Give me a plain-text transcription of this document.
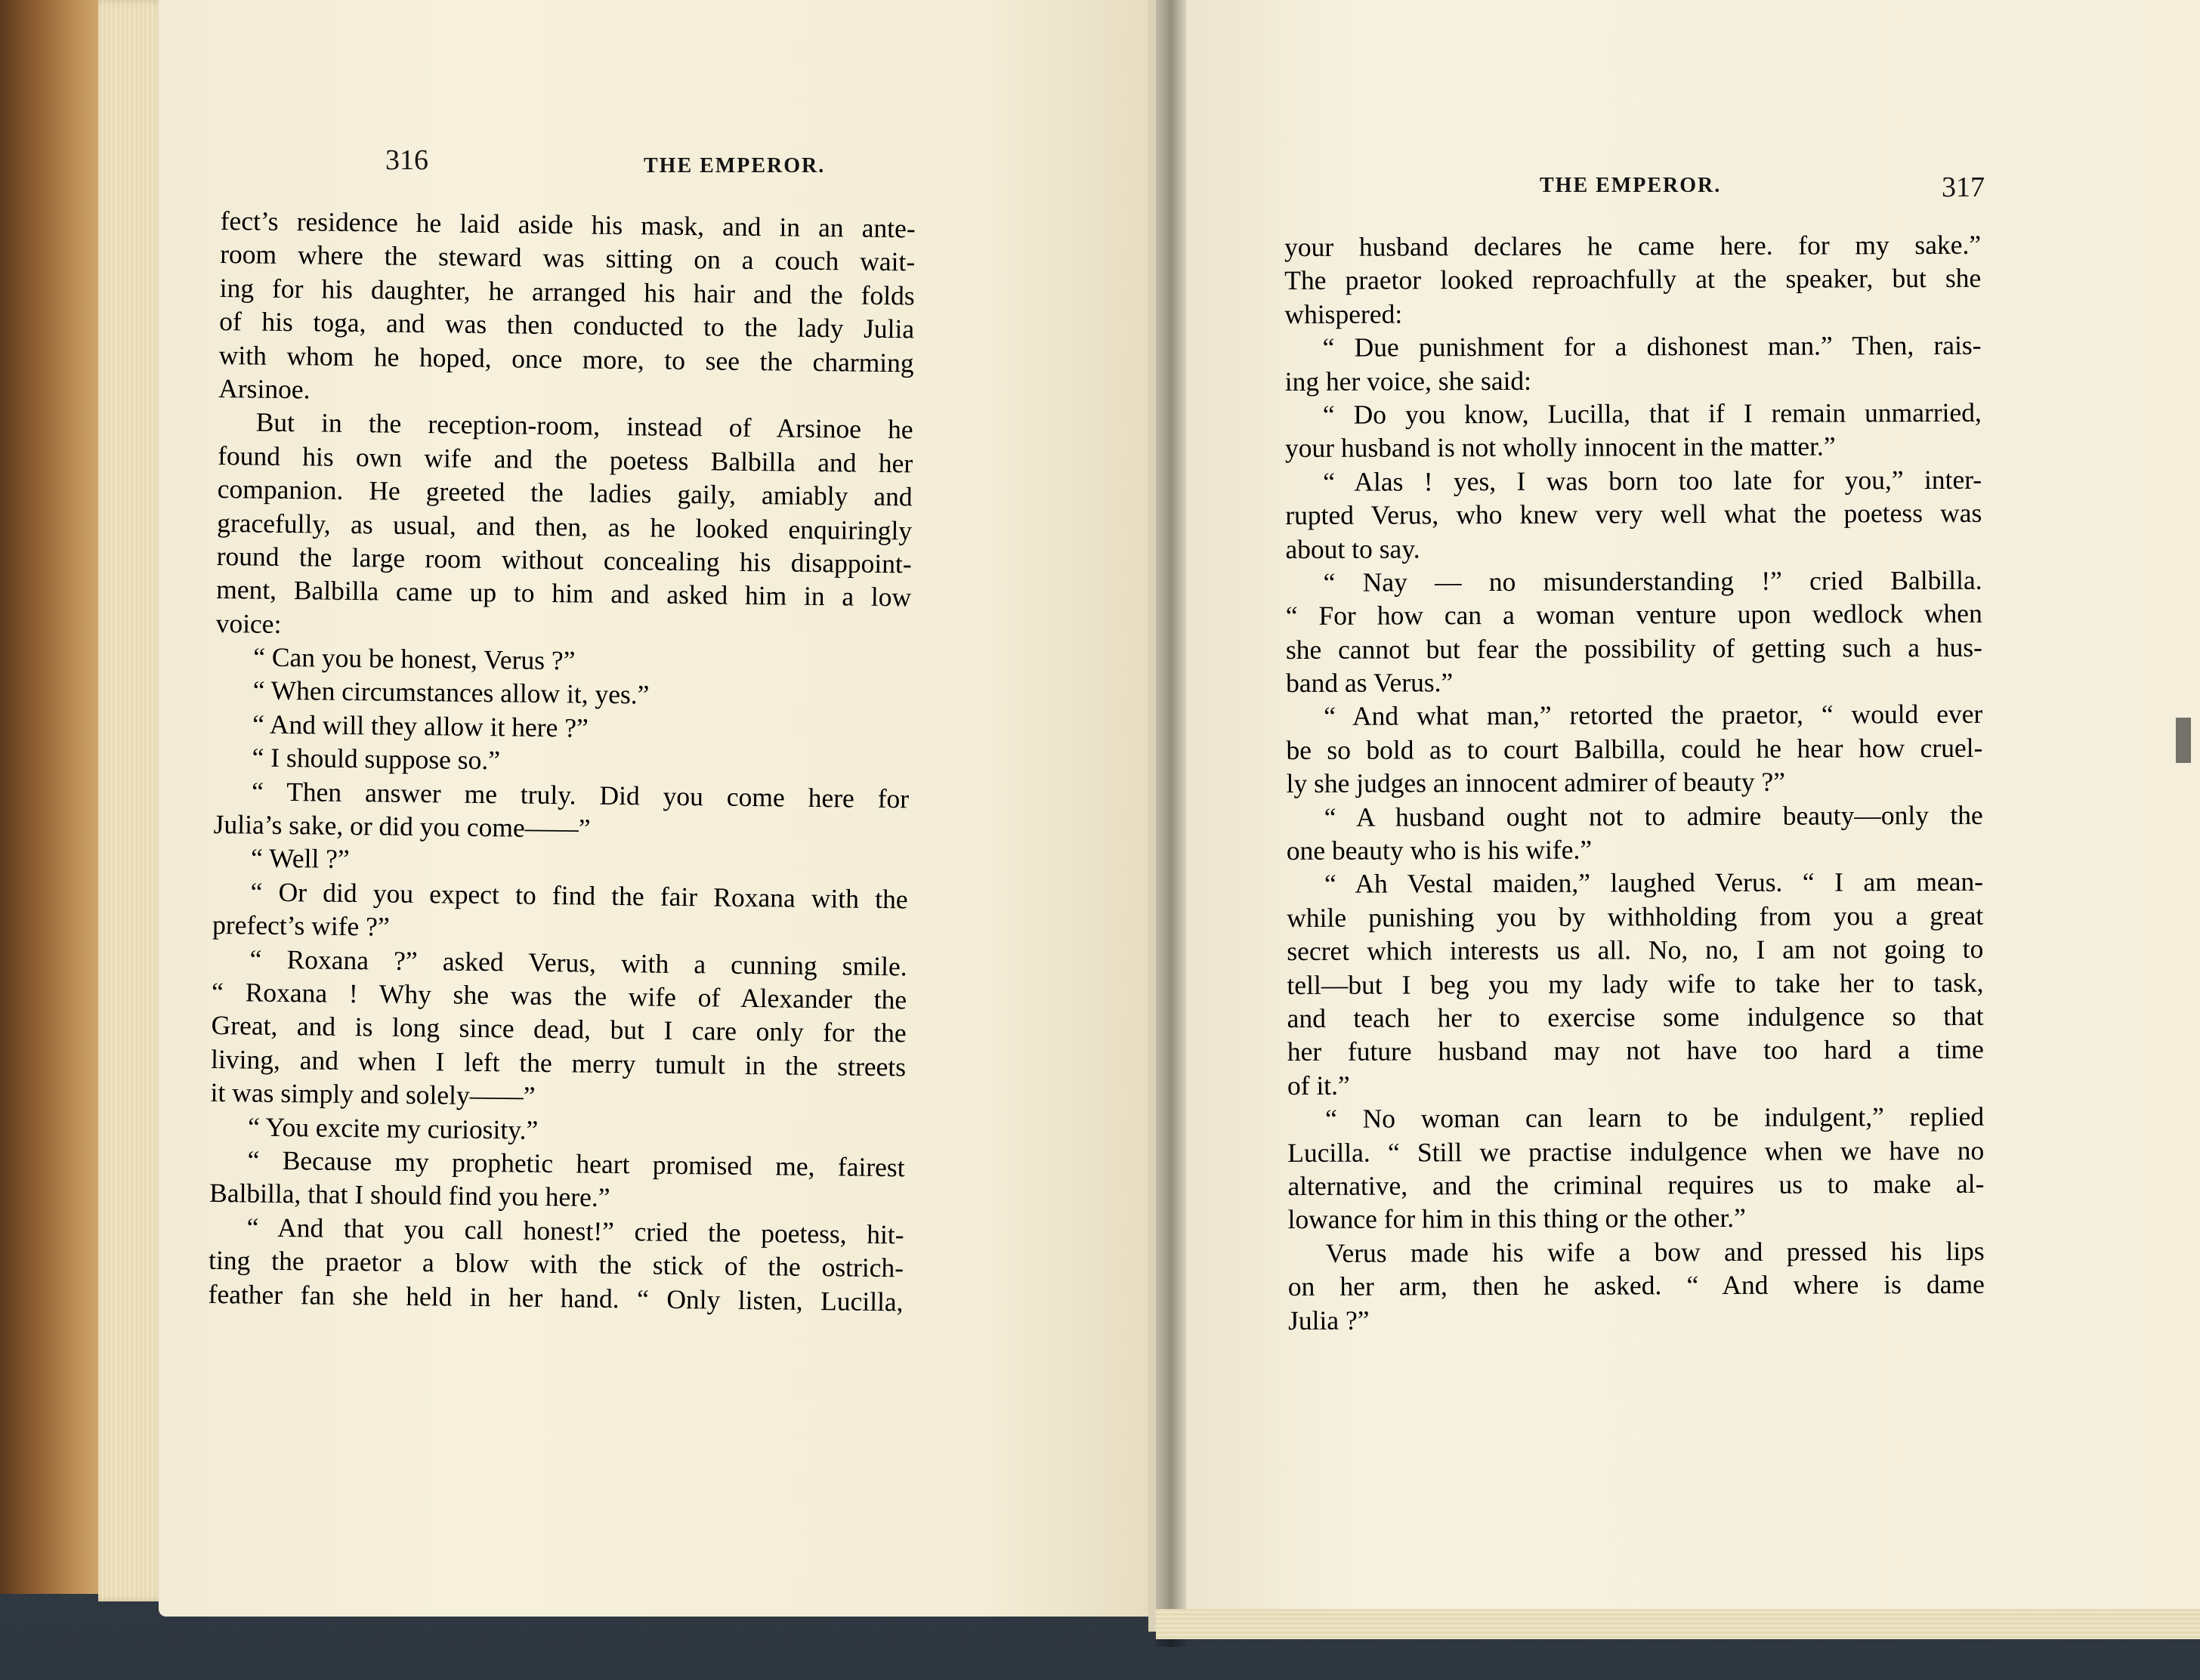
316	THE EMPEROR.
THE EMPEROR.	317
fect’s residence he laid aside his mask, and in an ante-
room where the steward was sitting on a couch wait-
ing for his daughter, he arranged his hair and the folds
of his toga, and was then conducted to the lady Julia
with whom he hoped, once more, to see the charming
Arsinoe.
But in the reception-room, instead of Arsinoe he
found his own wife and the poetess Balbilla and her
companion. He greeted the ladies gaily, amiably and
gracefully, as usual, and then, as he looked enquiringly
round the large room without concealing his disappoint-
ment, Balbilla came up to him and asked him in a low
voice:
“ Can you be honest, Verus ?”
“ When circumstances allow it, yes.”
“ And will they allow it here ?”
“ I should suppose so.”
“ Then answer me truly. Did you come here for
Julia’s sake, or did you come——”
“ Well ?”
“ Or did you expect to find the fair Roxana with the
prefect’s wife ?”
“ Roxana ?” asked Verus, with a cunning smile.
“ Roxana ! Why she was the wife of Alexander the
Great, and is long since dead, but I care only for the
living, and when I left the merry tumult in the streets
it was simply and solely——”
“ You excite my curiosity.”
“ Because my prophetic heart promised me, fairest
Balbilla, that I should find you here.”
“ And that you call honest!” cried the poetess, hit-
ting the praetor a blow with the stick of the ostrich-
feather fan she held in her hand. “ Only listen, Lucilla,
your husband declares he came here. for my sake.”
The praetor looked reproachfully at the speaker, but she
whispered:
“ Due punishment for a dishonest man.” Then, rais-
ing her voice, she said:
“ Do you know, Lucilla, that if I remain unmarried,
your husband is not wholly innocent in the matter.”
“ Alas ! yes, I was born too late for you,” inter-
rupted Verus, who knew very well what the poetess was
about to say.
“ Nay — no misunderstanding !” cried Balbilla.
“ For how can a woman venture upon wedlock when
she cannot but fear the possibility of getting such a hus-
band as Verus.”
“ And what man,” retorted the praetor, “ would ever
be so bold as to court Balbilla, could he hear how cruel-
ly she judges an innocent admirer of beauty ?”
“ A husband ought not to admire beauty—only the
one beauty who is his wife.”
“ Ah Vestal maiden,” laughed Verus. “ I am mean-
while punishing you by withholding from you a great
secret which interests us all. No, no, I am not going to
tell—but I beg you my lady wife to take her to task,
and teach her to exercise some indulgence so that
her future husband may not have too hard a time
of it.”
“ No woman can learn to be indulgent,” replied
Lucilla. “ Still we practise indulgence when we have no
alternative, and the criminal requires us to make al-
lowance for him in this thing or the other.”
Verus made his wife a bow and pressed his lips
on her arm, then he asked. “ And where is dame
Julia ?”
